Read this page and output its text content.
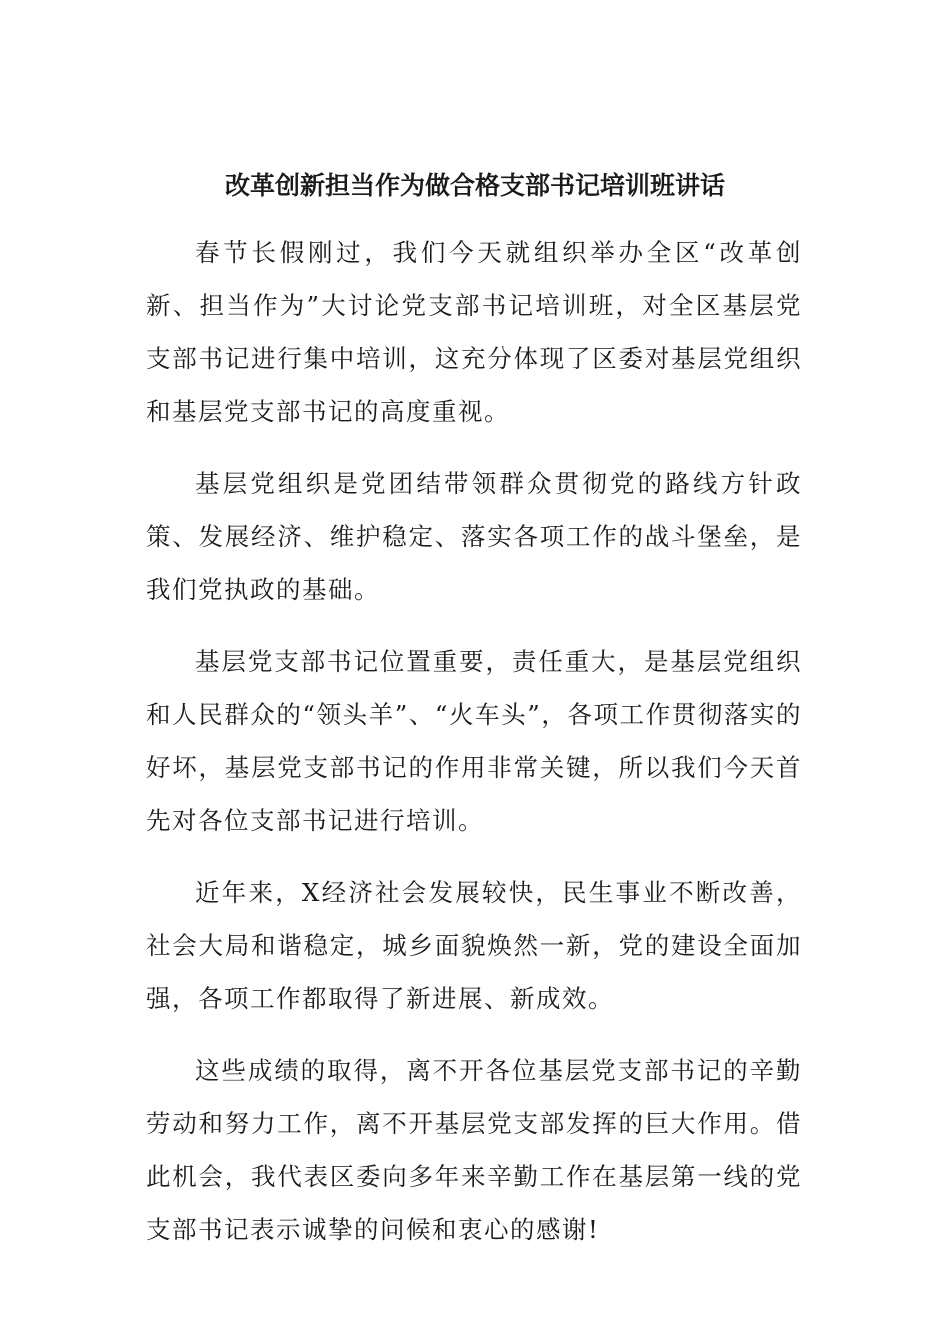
改革创新担当作为做合格支部书记培训班讲话

春节长假刚过，我们今天就组织举办全区“改革创新、担当作为”大讨论党支部书记培训班，对全区基层党支部书记进行集中培训，这充分体现了区委对基层党组织和基层党支部书记的高度重视。

基层党组织是党团结带领群众贯彻党的路线方针政策、发展经济、维护稳定、落实各项工作的战斗堡垒，是我们党执政的基础。

基层党支部书记位置重要，责任重大，是基层党组织和人民群众的“领头羊”、“火车头”，各项工作贯彻落实的好坏，基层党支部书记的作用非常关键，所以我们今天首先对各位支部书记进行培训。

近年来，X经济社会发展较快，民生事业不断改善，社会大局和谐稳定，城乡面貌焕然一新，党的建设全面加强，各项工作都取得了新进展、新成效。

这些成绩的取得，离不开各位基层党支部书记的辛勤劳动和努力工作，离不开基层党支部发挥的巨大作用。借此机会，我代表区委向多年来辛勤工作在基层第一线的党支部书记表示诚挚的问候和衷心的感谢!
